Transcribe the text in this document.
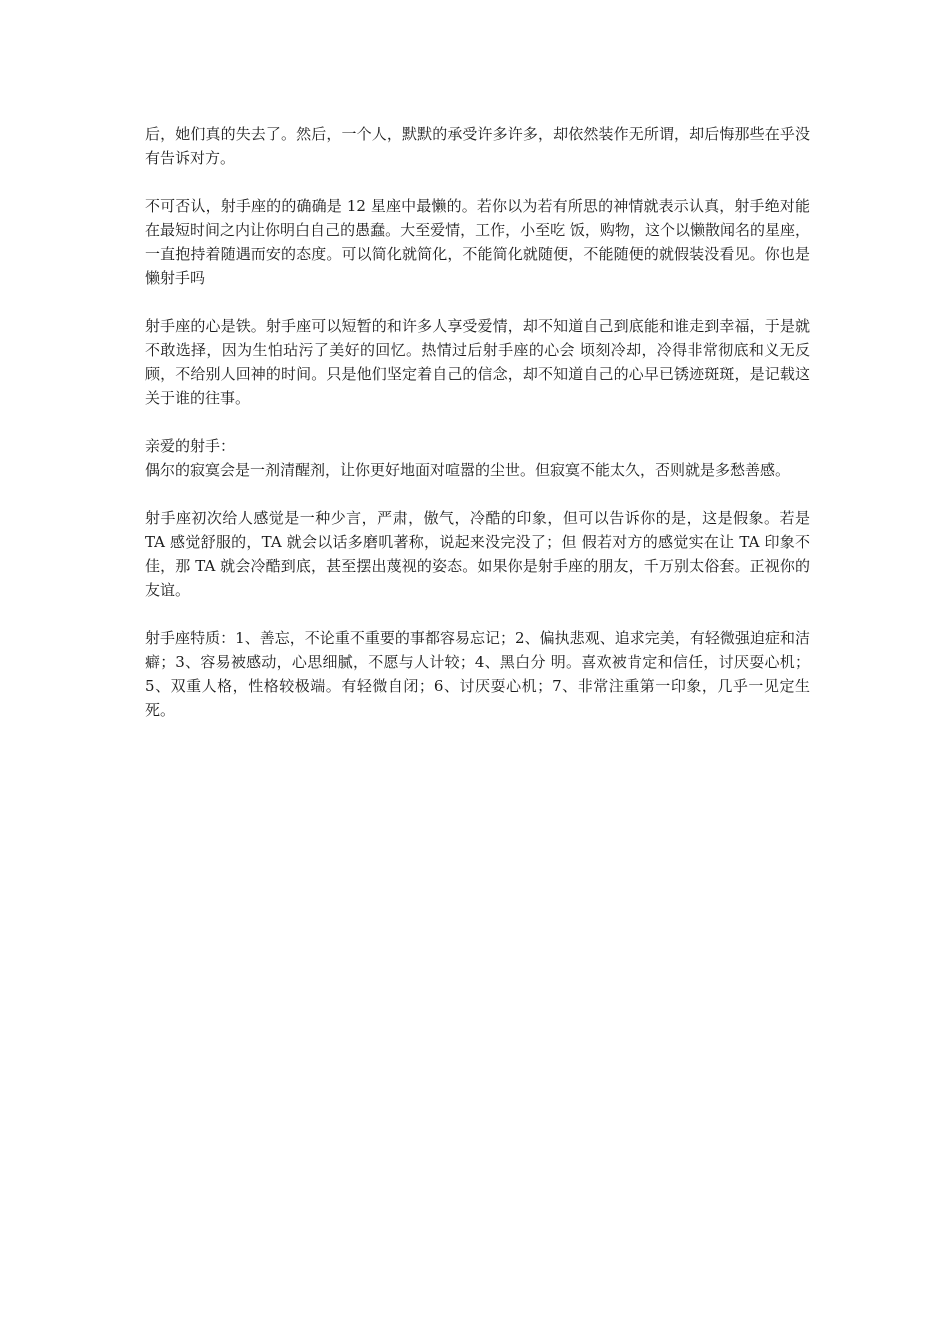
后，她们真的失去了。然后，一个人，默默的承受许多许多，却依然装作无所谓，却后悔那些在乎没有告诉对方。

不可否认，射手座的的确确是 12 星座中最懒的。若你以为若有所思的神情就表示认真，射手绝对能在最短时间之内让你明白自己的愚蠢。大至爱情，工作，小至吃 饭，购物，这个以懒散闻名的星座，一直抱持着随遇而安的态度。可以简化就简化，不能简化就随便，不能随便的就假装没看见。你也是懒射手吗

射手座的心是铁。射手座可以短暂的和许多人享受爱情，却不知道自己到底能和谁走到幸福，于是就不敢选择，因为生怕玷污了美好的回忆。热情过后射手座的心会 顷刻冷却，冷得非常彻底和义无反顾，不给别人回神的时间。只是他们坚定着自己的信念，却不知道自己的心早已锈迹斑斑，是记载这关于谁的往事。

亲爱的射手：

偶尔的寂寞会是一剂清醒剂，让你更好地面对喧嚣的尘世。但寂寞不能太久，否则就是多愁善感。

射手座初次给人感觉是一种少言，严肃，傲气，冷酷的印象，但可以告诉你的是，这是假象。若是 TA 感觉舒服的，TA 就会以话多磨叽著称，说起来没完没了；但 假若对方的感觉实在让 TA 印象不佳，那 TA 就会冷酷到底，甚至摆出蔑视的姿态。如果你是射手座的朋友，千万别太俗套。正视你的友谊。

射手座特质：1、善忘，不论重不重要的事都容易忘记；2、偏执悲观、追求完美，有轻微强迫症和洁癖；3、容易被感动，心思细腻，不愿与人计较；4、黑白分 明。喜欢被肯定和信任，讨厌耍心机；5、双重人格，性格较极端。有轻微自闭；6、讨厌耍心机；7、非常注重第一印象，几乎一见定生死。
